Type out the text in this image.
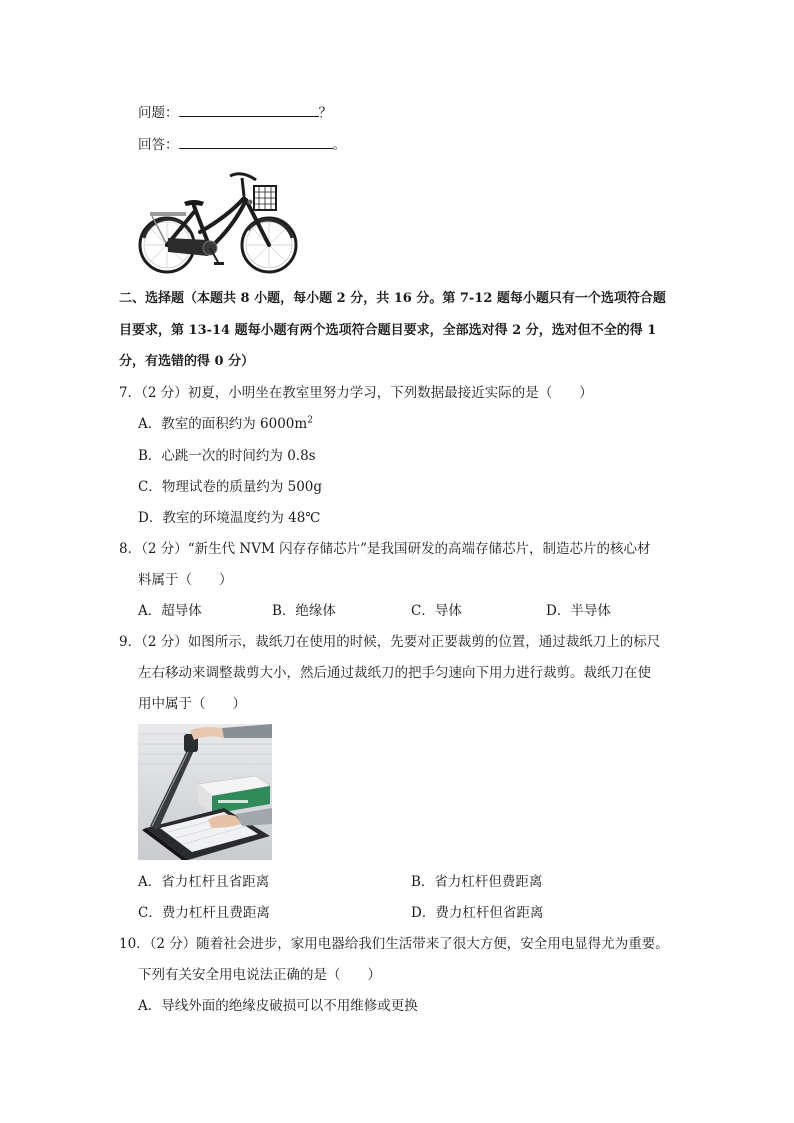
问题：	？
回答：	。
二、选择题（本题共 8 小题，每小题 2 分，共 16 分。第 7-12 题每小题只有一个选项符合题
目要求，第 13-14 题每小题有两个选项符合题目要求，全部选对得 2 分，选对但不全的得 1
分，有选错的得 0 分）
7．（2 分）初夏，小明坐在教室里努力学习，下列数据最接近实际的是（　　）
A．教室的面积约为 $6000m^2$
B．心跳一次的时间约为 0.8s
C．物理试卷的质量约为 500g
D．教室的环境温度约为 48℃
8．（2 分）“新生代 NVM 闪存存储芯片”是我国研发的高端存储芯片，制造芯片的核心材
料属于（　　）
A．超导体	B．绝缘体	C．导体	D．半导体
9．（2 分）如图所示，裁纸刀在使用的时候，先要对正要裁剪的位置，通过裁纸刀上的标尺
左右移动来调整裁剪大小，然后通过裁纸刀的把手匀速向下用力进行裁剪。裁纸刀在使
用中属于（　　）
A．省力杠杆且省距离	B．省力杠杆但费距离
C．费力杠杆且费距离	D．费力杠杆但省距离
10．（2 分）随着社会进步，家用电器给我们生活带来了很大方便，安全用电显得尤为重要。
下列有关安全用电说法正确的是（　　）
A．导线外面的绝缘皮破损可以不用维修或更换
